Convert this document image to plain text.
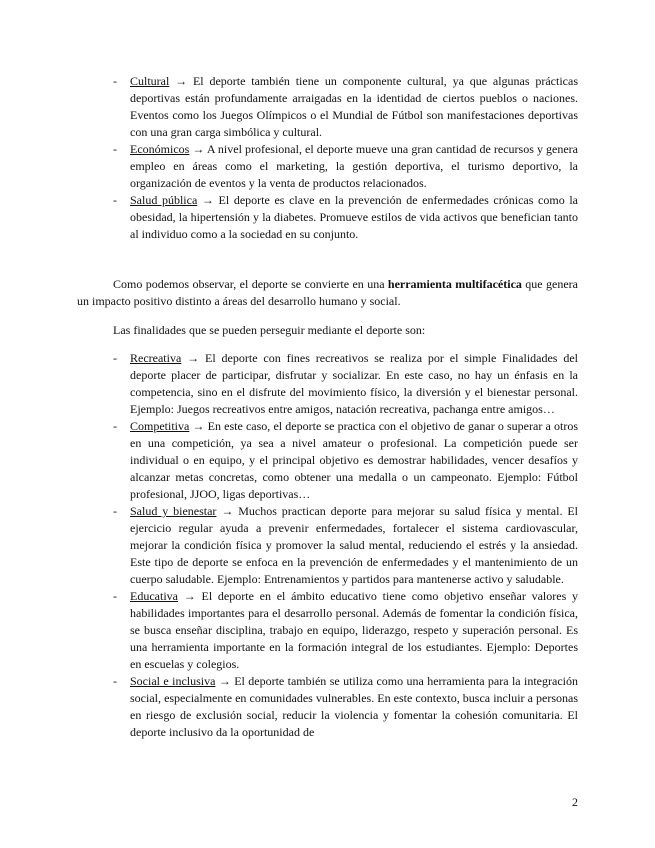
- Cultural → El deporte también tiene un componente cultural, ya que algunas prácticas deportivas están profundamente arraigadas en la identidad de ciertos pueblos o naciones. Eventos como los Juegos Olímpicos o el Mundial de Fútbol son manifestaciones deportivas con una gran carga simbólica y cultural.
- Económicos → A nivel profesional, el deporte mueve una gran cantidad de recursos y genera empleo en áreas como el marketing, la gestión deportiva, el turismo deportivo, la organización de eventos y la venta de productos relacionados.
- Salud pública → El deporte es clave en la prevención de enfermedades crónicas como la obesidad, la hipertensión y la diabetes. Promueve estilos de vida activos que benefician tanto al individuo como a la sociedad en su conjunto.

Como podemos observar, el deporte se convierte en una herramienta multifacética que genera un impacto positivo distinto a áreas del desarrollo humano y social.

Las finalidades que se pueden perseguir mediante el deporte son:

- Recreativa → El deporte con fines recreativos se realiza por el simple Finalidades del deporte placer de participar, disfrutar y socializar. En este caso, no hay un énfasis en la competencia, sino en el disfrute del movimiento físico, la diversión y el bienestar personal. Ejemplo: Juegos recreativos entre amigos, natación recreativa, pachanga entre amigos…
- Competitiva → En este caso, el deporte se practica con el objetivo de ganar o superar a otros en una competición, ya sea a nivel amateur o profesional. La competición puede ser individual o en equipo, y el principal objetivo es demostrar habilidades, vencer desafíos y alcanzar metas concretas, como obtener una medalla o un campeonato. Ejemplo: Fútbol profesional, JJOO, ligas deportivas…
- Salud y bienestar → Muchos practican deporte para mejorar su salud física y mental. El ejercicio regular ayuda a prevenir enfermedades, fortalecer el sistema cardiovascular, mejorar la condición física y promover la salud mental, reduciendo el estrés y la ansiedad. Este tipo de deporte se enfoca en la prevención de enfermedades y el mantenimiento de un cuerpo saludable. Ejemplo: Entrenamientos y partidos para mantenerse activo y saludable.
- Educativa → El deporte en el ámbito educativo tiene como objetivo enseñar valores y habilidades importantes para el desarrollo personal. Además de fomentar la condición física, se busca enseñar disciplina, trabajo en equipo, liderazgo, respeto y superación personal. Es una herramienta importante en la formación integral de los estudiantes. Ejemplo: Deportes en escuelas y colegios.
- Social e inclusiva → El deporte también se utiliza como una herramienta para la integración social, especialmente en comunidades vulnerables. En este contexto, busca incluir a personas en riesgo de exclusión social, reducir la violencia y fomentar la cohesión comunitaria. El deporte inclusivo da la oportunidad de
2
